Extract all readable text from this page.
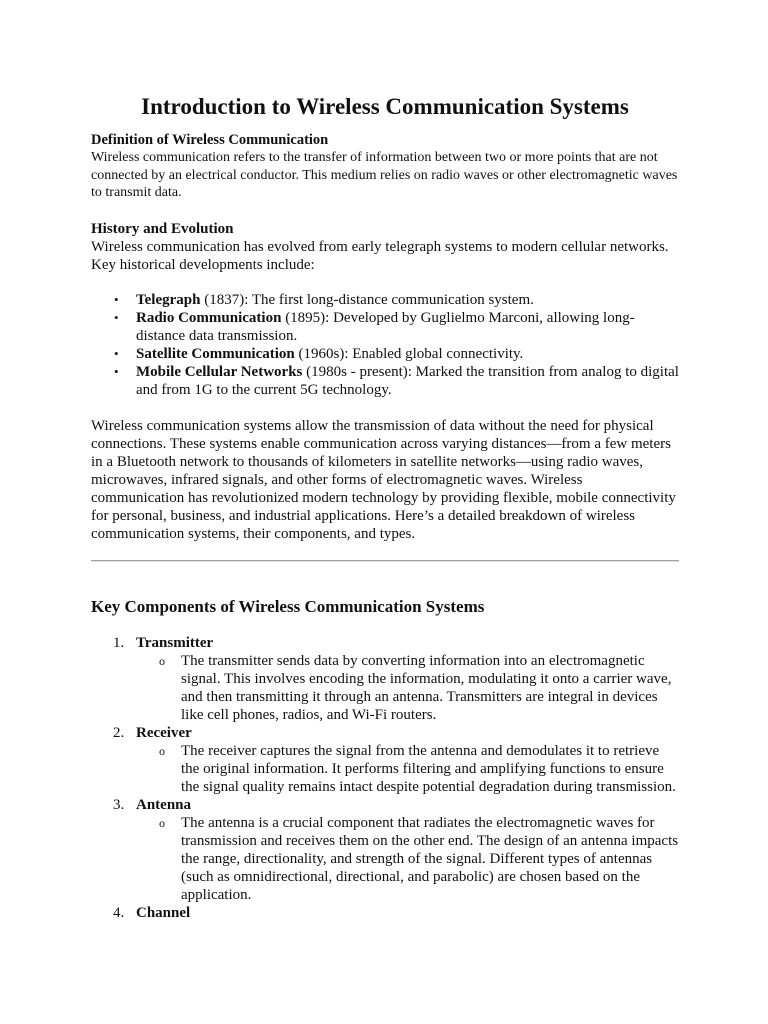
Introduction to Wireless Communication Systems
Definition of Wireless Communication
Wireless communication refers to the transfer of information between two or more points that are not connected by an electrical conductor. This medium relies on radio waves or other electromagnetic waves to transmit data.
History and Evolution
Wireless communication has evolved from early telegraph systems to modern cellular networks. Key historical developments include:
• Telegraph (1837): The first long-distance communication system.
• Radio Communication (1895): Developed by Guglielmo Marconi, allowing long-distance data transmission.
• Satellite Communication (1960s): Enabled global connectivity.
• Mobile Cellular Networks (1980s - present): Marked the transition from analog to digital and from 1G to the current 5G technology.
Wireless communication systems allow the transmission of data without the need for physical connections. These systems enable communication across varying distances—from a few meters in a Bluetooth network to thousands of kilometers in satellite networks—using radio waves, microwaves, infrared signals, and other forms of electromagnetic waves. Wireless communication has revolutionized modern technology by providing flexible, mobile connectivity for personal, business, and industrial applications. Here’s a detailed breakdown of wireless communication systems, their components, and types.
Key Components of Wireless Communication Systems
1. Transmitter
o The transmitter sends data by converting information into an electromagnetic signal. This involves encoding the information, modulating it onto a carrier wave, and then transmitting it through an antenna. Transmitters are integral in devices like cell phones, radios, and Wi-Fi routers.
2. Receiver
o The receiver captures the signal from the antenna and demodulates it to retrieve the original information. It performs filtering and amplifying functions to ensure the signal quality remains intact despite potential degradation during transmission.
3. Antenna
o The antenna is a crucial component that radiates the electromagnetic waves for transmission and receives them on the other end. The design of an antenna impacts the range, directionality, and strength of the signal. Different types of antennas (such as omnidirectional, directional, and parabolic) are chosen based on the application.
4. Channel
